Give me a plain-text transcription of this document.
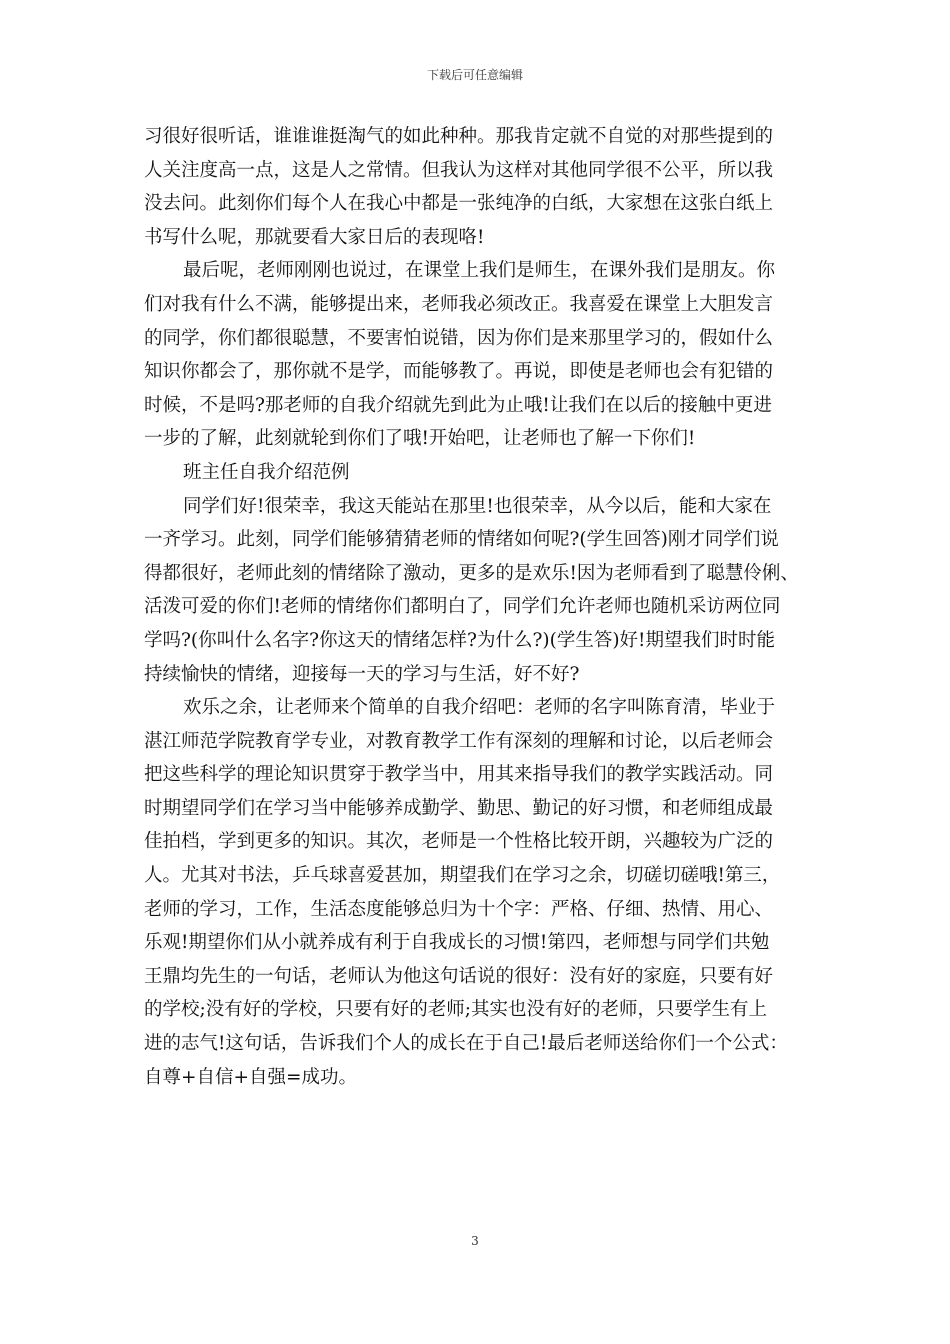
下载后可任意编辑
习很好很听话，谁谁谁挺淘气的如此种种。那我肯定就不自觉的对那些提到的
人关注度高一点，这是人之常情。但我认为这样对其他同学很不公平，所以我
没去问。此刻你们每个人在我心中都是一张纯净的白纸，大家想在这张白纸上
书写什么呢，那就要看大家日后的表现咯!
最后呢，老师刚刚也说过，在课堂上我们是师生，在课外我们是朋友。你
们对我有什么不满，能够提出来，老师我必须改正。我喜爱在课堂上大胆发言
的同学，你们都很聪慧，不要害怕说错，因为你们是来那里学习的，假如什么
知识你都会了，那你就不是学，而能够教了。再说，即使是老师也会有犯错的
时候，不是吗?那老师的自我介绍就先到此为止哦!让我们在以后的接触中更进
一步的了解，此刻就轮到你们了哦!开始吧，让老师也了解一下你们!
班主任自我介绍范例
同学们好!很荣幸，我这天能站在那里!也很荣幸，从今以后，能和大家在
一齐学习。此刻，同学们能够猜猜老师的情绪如何呢?(学生回答)刚才同学们说
得都很好，老师此刻的情绪除了激动，更多的是欢乐!因为老师看到了聪慧伶俐、
活泼可爱的你们!老师的情绪你们都明白了，同学们允许老师也随机采访两位同
学吗?(你叫什么名字?你这天的情绪怎样?为什么?)(学生答)好!期望我们时时能
持续愉快的情绪，迎接每一天的学习与生活，好不好?
欢乐之余，让老师来个简单的自我介绍吧：老师的名字叫陈育清，毕业于
湛江师范学院教育学专业，对教育教学工作有深刻的理解和讨论，以后老师会
把这些科学的理论知识贯穿于教学当中，用其来指导我们的教学实践活动。同
时期望同学们在学习当中能够养成勤学、勤思、勤记的好习惯，和老师组成最
佳拍档，学到更多的知识。其次，老师是一个性格比较开朗，兴趣较为广泛的
人。尤其对书法，乒乓球喜爱甚加，期望我们在学习之余，切磋切磋哦!第三，
老师的学习，工作，生活态度能够总归为十个字：严格、仔细、热情、用心、
乐观!期望你们从小就养成有利于自我成长的习惯!第四，老师想与同学们共勉
王鼎均先生的一句话，老师认为他这句话说的很好：没有好的家庭，只要有好
的学校;没有好的学校，只要有好的老师;其实也没有好的老师，只要学生有上
进的志气!这句话，告诉我们个人的成长在于自己!最后老师送给你们一个公式：
自尊+自信+自强=成功。
3
